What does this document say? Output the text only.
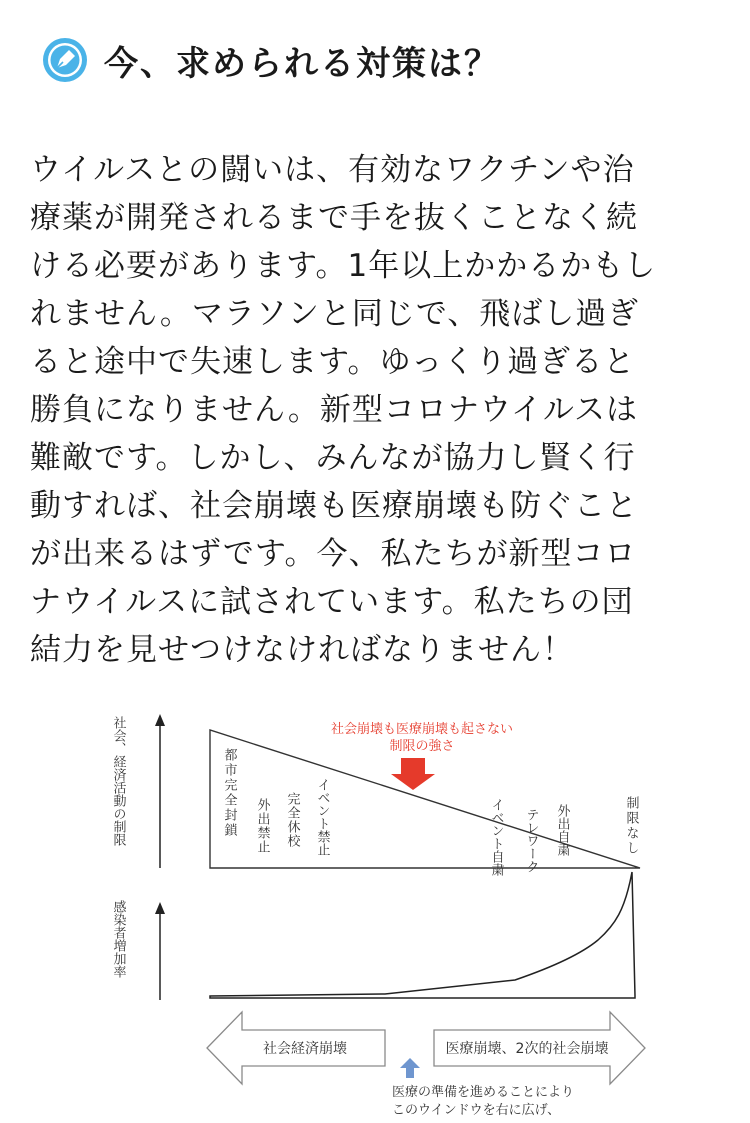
今、求められる対策は？

ウイルスとの闘いは、有効なワクチンや治

療薬が開発されるまで手を抜くことなく続

ける必要があります。1年以上かかるかもし

れません。マラソンと同じで、飛ばし過ぎ

ると途中で失速します。ゆっくり過ぎると

勝負になりません。新型コロナウイルスは

難敵です。しかし、みんなが協力し賢く行

動すれば、社会崩壊も医療崩壊も防ぐこと

が出来るはずです。今、私たちが新型コロ

ナウイルスに試されています。私たちの団

結力を見せつけなければなりません！

社会、経済活動の制限	社会崩壊も医療崩壊も起さない
制限の強さ
都市完全封鎖 外出禁止 完全休校 イベント禁止	イベント自粛 テレワーク 外出自粛	制限なし
感染者増加率
社会経済崩壊	医療崩壊、2次的社会崩壊
医療の準備を進めることにより
このウインドウを右に広げ、
